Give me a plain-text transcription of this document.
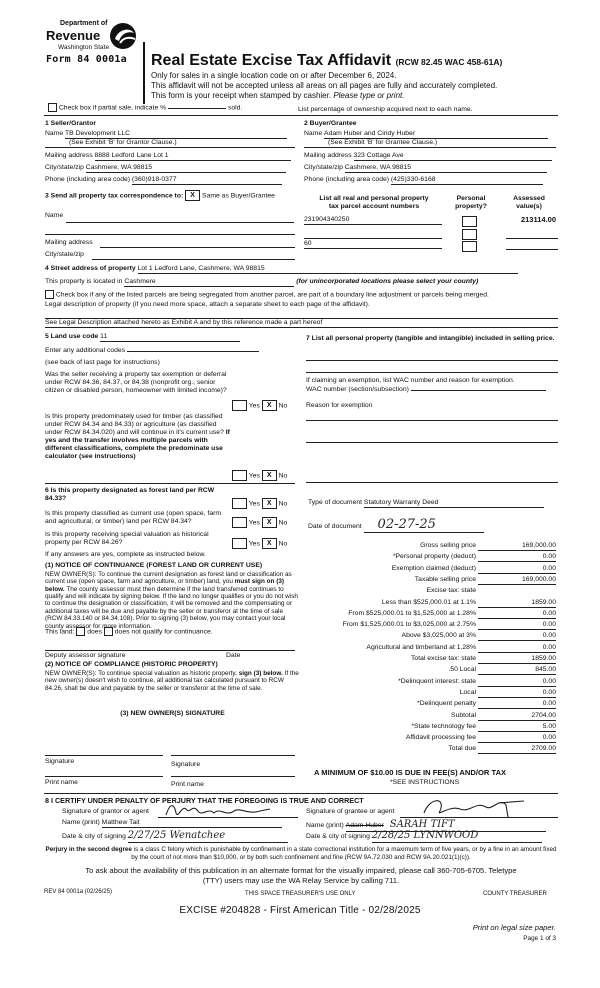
Department of
Revenue
Washington State
Form 84 0001a Real Estate Excise Tax Affidavit (RCW 82.45 WAC 458-61A)
Only for sales in a single location code on or after December 6, 2024.
This affidavit will not be accepted unless all areas on all pages are fully and accurately completed.
This form is your receipt when stamped by cashier. Please type or print.
Check box if partial sale, indicate %	sold.	List percentage of ownership acquired next to each name.
1 Seller/Grantor
Name TB Development LLC
(See Exhibit 'B' for Grantor Clause.)
Mailing address 8888 Ledford Lane Lot 1
City/state/zip Cashmere, WA 98815
Phone (including area code) (360)918-0377
2 Buyer/Grantee
Name Adam Huber and Cindy Huber
(See Exhibit 'B' for Grantee Clause.)
Mailing address 323 Cottage Ave
City/state/zip Cashmere, WA 98815
Phone (including area code) (425)330-6168
3 Send all property tax correspondence to: X Same as Buyer/Grantee
Name
Mailing address
City/state/zip
List all real and personal property
tax parcel account numbers
Personal
property?
Assessed
value(s)
231904340250	213114.00
60
4 Street address of property Lot 1 Ledford Lane, Cashmere, WA 98815
This property is located in Cashmere	(for unincorporated locations please select your county)
Check box if any of the listed parcels are being segregated from another parcel, are part of a boundary line adjustment or parcels being merged.
Legal description of property (if you need more space, attach a separate sheet to each page of the affidavit).
See Legal Description attached hereto as Exhibit A and by this reference made a part hereof
5 Land use code 11
Enter any additional codes
(see back of last page for instructions)
Was the seller receiving a property tax exemption or deferral under RCW 84.36, 84.37, or 84.38 (nonprofit org., senior citizen or disabled person, homeowner with limited income)?
Yes X No
Is this property predominately used for timber (as classified under RCW 84.34 and 84.33) or agriculture (as classified under RCW 84.34.020) and will continue in it's current use? If yes and the transfer involves multiple parcels with different classifications, complete the predominate use calculator (see instructions)
Yes X No
6 Is this property designated as forest land per RCW 84.33?
Yes X No
Is this property classified as current use (open space, farm and agricultural, or timber) land per RCW 84.34?	Yes X No
Is this property receiving special valuation as historical property per RCW 84.26?	Yes X No
If any answers are yes, complete as instructed below.
(1) NOTICE OF CONTINUANCE (FOREST LAND OR CURRENT USE)
NEW OWNER(S): To continue the current designation as forest land or classification as current use (open space, farm and agriculture, or timber) land, you must sign on (3) below. The county assessor must then determine if the land transferred continues to qualify and will indicate by signing below. If the land no longer qualifies or you do not wish to continue the designation or classification, it will be removed and the compensating or additional taxes will be due and payable by the seller or transferor at the time of sale (RCW 84.33.140 or 84.34.108). Prior to signing (3) below, you may contact your local county assessor for more information.
This land: does does not qualify for continuance.
Deputy assessor signature	Date
(2) NOTICE OF COMPLIANCE (HISTORIC PROPERTY)
NEW OWNER(S): To continue special valuation as historic property, sign (3) below. If the new owner(s) doesn't wish to continue, all additional tax calculated pursuant to RCW 84.26, shall be due and payable by the seller or transferor at the time of sale.
(3) NEW OWNER(S) SIGNATURE
Signature	Signature
Print name	Print name
7 List all personal property (tangible and intangible) included in selling price.
If claiming an exemption, list WAC number and reason for exemption.
WAC number (section/subsection)
Reason for exemption
Type of document Statutory Warranty Deed
Date of document 02-27-25
Gross selling price	169,000.00
*Personal property (deduct)	0.00
Exemption claimed (deduct)	0.00
Taxable selling price	169,000.00
Excise tax: state
Less than $525,000.01 at 1.1%	1859.00
From $525,000.01 to $1,525,000 at 1.28%	0.00
From $1,525,000.01 to $3,025,000 at 2.75%	0.00
Above $3,025,000 at 3%	0.00
Agricultural and timberland at 1.28%	0.00
Total excise tax: state	1859.00
.50 Local	845.00
*Delinquent interest: state	0.00
Local	0.00
*Delinquent penalty	0.00
Subtotal	2704.00
*State technology fee	5.00
Affidavit processing fee	0.00
Total due	2709.00
A MINIMUM OF $10.00 IS DUE IN FEE(S) AND/OR TAX
*SEE INSTRUCTIONS
8 I CERTIFY UNDER PENALTY OF PERJURY THAT THE FOREGOING IS TRUE AND CORRECT
Signature of grantor or agent
Name (print) Matthew Tait
Date & city of signing 2/27/25 Wenatchee
Signature of grantee or agent
Name (print) Adam Huber SARAH TIFT
Date & city of signing 2/28/25 LYNNWOOD
Perjury in the second degree is a class C felony which is punishable by confinement in a state correctional institution for a maximum term of five years, or by a fine in an amount fixed by the court of not more than $10,000, or by both such confinement and fine (RCW 9A.72.030 and RCW 9A.20.021(1)(c)).
To ask about the availability of this publication in an alternate format for the visually impaired, please call 360-705-6705. Teletype
(TTY) users may use the WA Relay Service by calling 711.
REV 84 0001a (02/26/25)	THIS SPACE TREASURER'S USE ONLY	COUNTY TREASURER
EXCISE #204828 - First American Title - 02/28/2025
Print on legal size paper.
Page 1 of 3
